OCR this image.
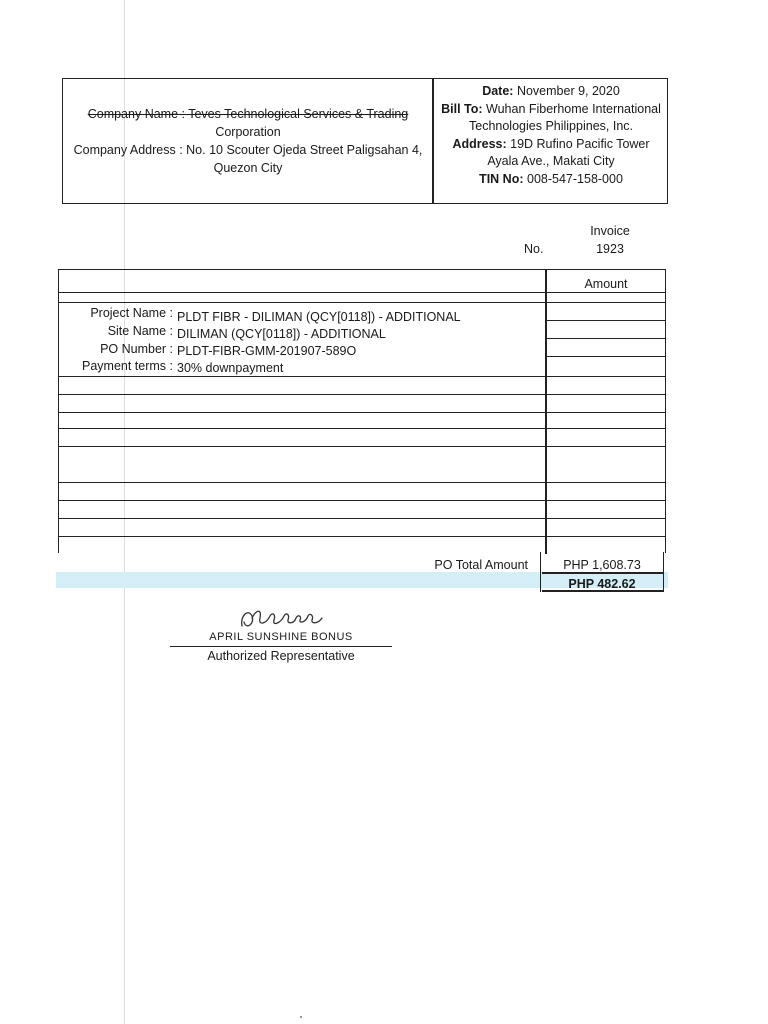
Company Name : Teves Technological Services & Trading
Corporation
Company Address : No. 10 Scouter Ojeda Street Paligsahan 4,
Quezon City
Date: November 9, 2020
Bill To: Wuhan Fiberhome International
Technologies Philippines, Inc.
Address: 19D Rufino Pacific Tower
Ayala Ave., Makati City
TIN No: 008-547-158-000
Invoice
No.	1923
Amount
Project Name : PLDT FIBR - DILIMAN (QCY[0118]) - ADDITIONAL
Site Name : DILIMAN (QCY[0118]) - ADDITIONAL
PO Number : PLDT-FIBR-GMM-201907-589O
Payment terms : 30% downpayment
PO Total Amount	PHP 1,608.73
PHP 482.62
APRIL SUNSHINE BONUS
Authorized Representative
